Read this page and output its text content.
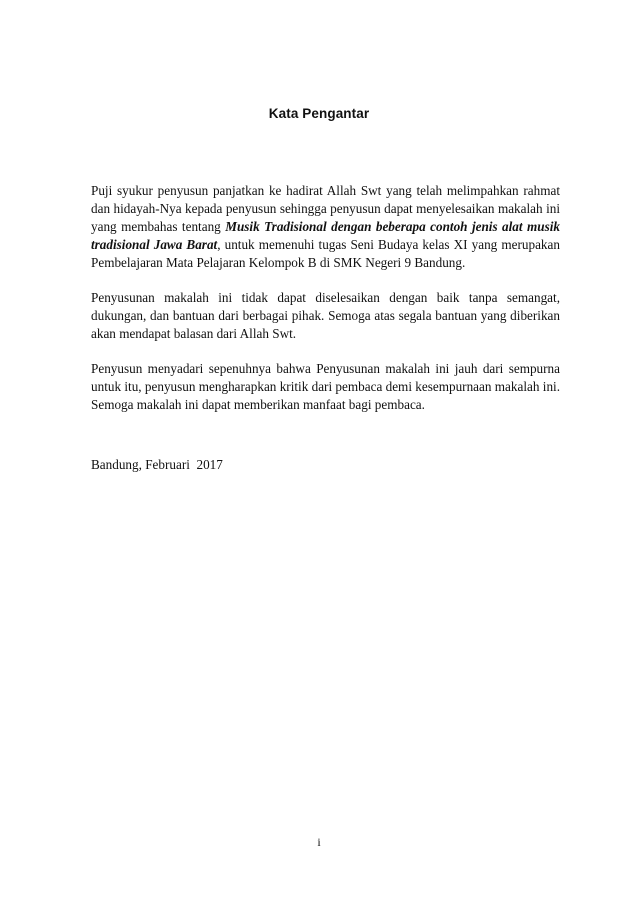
Kata Pengantar

Puji syukur penyusun panjatkan ke hadirat Allah Swt yang telah melimpahkan rahmat dan hidayah-Nya kepada penyusun sehingga penyusun dapat menyelesaikan makalah ini yang membahas tentang Musik Tradisional dengan beberapa contoh jenis alat musik tradisional Jawa Barat, untuk memenuhi tugas Seni Budaya kelas XI yang merupakan Pembelajaran Mata Pelajaran Kelompok B di SMK Negeri 9 Bandung.

Penyusunan makalah ini tidak dapat diselesaikan dengan baik tanpa semangat, dukungan, dan bantuan dari berbagai pihak. Semoga atas segala bantuan yang diberikan akan mendapat balasan dari Allah Swt.

Penyusun menyadari sepenuhnya bahwa Penyusunan makalah ini jauh dari sempurna untuk itu, penyusun mengharapkan kritik dari pembaca demi kesempurnaan makalah ini. Semoga makalah ini dapat memberikan manfaat bagi pembaca.

Bandung, Februari  2017
i
